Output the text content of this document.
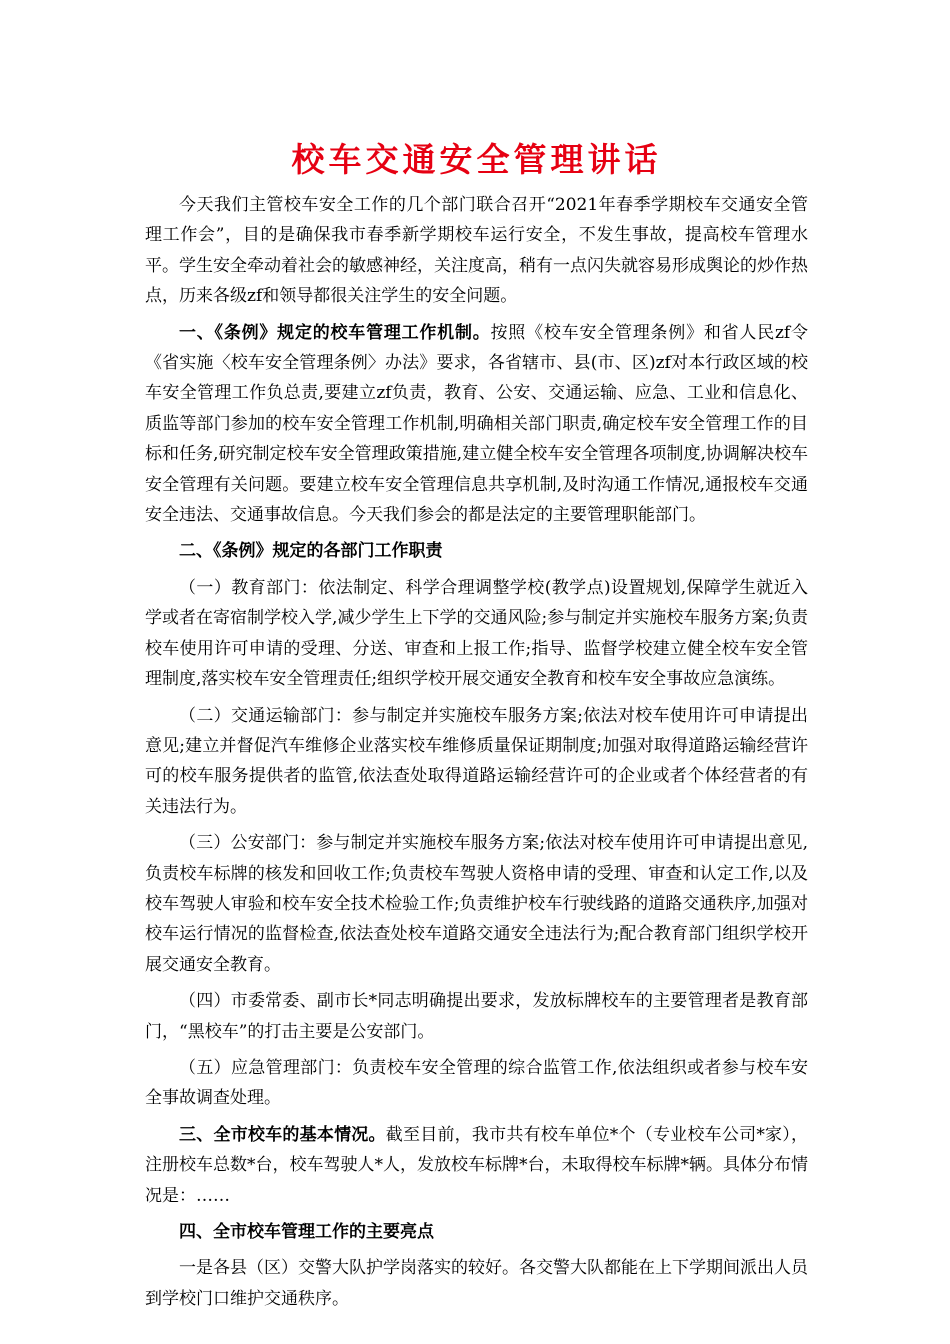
校车交通安全管理讲话

今天我们主管校车安全工作的几个部门联合召开“2021年春季学期校车交通安全管理工作会”，目的是确保我市春季新学期校车运行安全，不发生事故，提高校车管理水平。学生安全牵动着社会的敏感神经，关注度高，稍有一点闪失就容易形成舆论的炒作热点，历来各级zf和领导都很关注学生的安全问题。

一、《条例》规定的校车管理工作机制。按照《校车安全管理条例》和省人民zf令《省实施〈校车安全管理条例〉办法》要求，各省辖市、县(市、区)zf对本行政区域的校车安全管理工作负总责,要建立zf负责，教育、公安、交通运输、应急、工业和信息化、质监等部门参加的校车安全管理工作机制,明确相关部门职责,确定校车安全管理工作的目标和任务,研究制定校车安全管理政策措施,建立健全校车安全管理各项制度,协调解决校车安全管理有关问题。要建立校车安全管理信息共享机制,及时沟通工作情况,通报校车交通安全违法、交通事故信息。今天我们参会的都是法定的主要管理职能部门。

二、《条例》规定的各部门工作职责

（一）教育部门：依法制定、科学合理调整学校(教学点)设置规划,保障学生就近入学或者在寄宿制学校入学,减少学生上下学的交通风险;参与制定并实施校车服务方案;负责校车使用许可申请的受理、分送、审查和上报工作;指导、监督学校建立健全校车安全管理制度,落实校车安全管理责任;组织学校开展交通安全教育和校车安全事故应急演练。

（二）交通运输部门：参与制定并实施校车服务方案;依法对校车使用许可申请提出意见;建立并督促汽车维修企业落实校车维修质量保证期制度;加强对取得道路运输经营许可的校车服务提供者的监管,依法查处取得道路运输经营许可的企业或者个体经营者的有关违法行为。

（三）公安部门：参与制定并实施校车服务方案;依法对校车使用许可申请提出意见,负责校车标牌的核发和回收工作;负责校车驾驶人资格申请的受理、审查和认定工作,以及校车驾驶人审验和校车安全技术检验工作;负责维护校车行驶线路的道路交通秩序,加强对校车运行情况的监督检查,依法查处校车道路交通安全违法行为;配合教育部门组织学校开展交通安全教育。

（四）市委常委、副市长*同志明确提出要求，发放标牌校车的主要管理者是教育部门，“黑校车”的打击主要是公安部门。

（五）应急管理部门：负责校车安全管理的综合监管工作,依法组织或者参与校车安全事故调查处理。

三、全市校车的基本情况。截至目前，我市共有校车单位*个（专业校车公司*家），注册校车总数*台，校车驾驶人*人，发放校车标牌*台，未取得校车标牌*辆。具体分布情况是：……

四、全市校车管理工作的主要亮点

一是各县（区）交警大队护学岗落实的较好。各交警大队都能在上下学期间派出人员到学校门口维护交通秩序。
